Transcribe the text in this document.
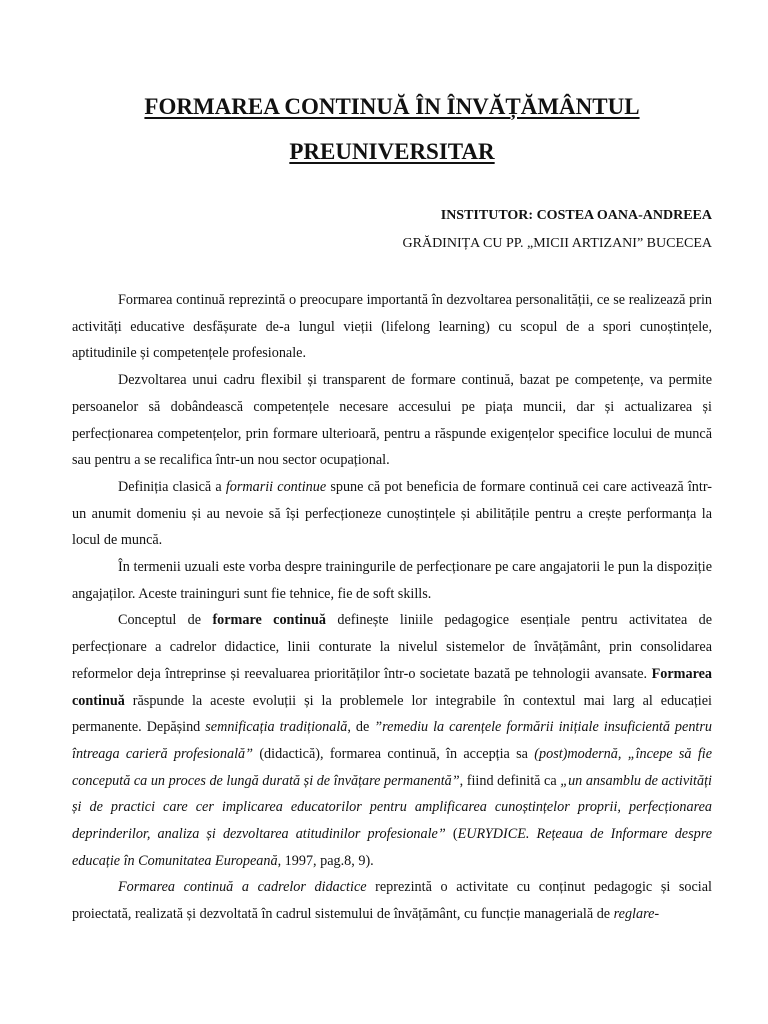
FORMAREA CONTINUĂ ÎN ÎNVĂȚĂMÂNTUL
PREUNIVERSITAR

INSTITUTOR: COSTEA OANA-ANDREEA

GRĂDINIȚA CU PP. „MICII ARTIZANI” BUCECEA

Formarea continuă reprezintă o preocupare importantă în dezvoltarea personalității, ce se realizează prin activități educative desfășurate de-a lungul vieții (lifelong learning) cu scopul de a spori cunoștințele, aptitudinile și competențele profesionale.

Dezvoltarea unui cadru flexibil și transparent de formare continuă, bazat pe competențe, va permite persoanelor să dobândească competențele necesare accesului pe piața muncii, dar și actualizarea și perfecționarea competențelor, prin formare ulterioară, pentru a răspunde exigențelor specifice locului de muncă sau pentru a se recalifica într-un nou sector ocupațional.

Definiția clasică a formarii continue spune că pot beneficia de formare continuă cei care activează într-un anumit domeniu și au nevoie să își perfecționeze cunoștințele și abilitățile pentru a crește performanța la locul de muncă.

În termenii uzuali este vorba despre trainingurile de perfecționare pe care angajatorii le pun la dispoziție angajaților. Aceste traininguri sunt fie tehnice, fie de soft skills.

Conceptul de formare continuă definește liniile pedagogice esențiale pentru activitatea de perfecționare a cadrelor didactice, linii conturate la nivelul sistemelor de învățământ, prin consolidarea reformelor deja întreprinse și reevaluarea priorităților într-o societate bazată pe tehnologii avansate. Formarea continuă răspunde la aceste evoluții și la problemele lor integrabile în contextul mai larg al educației permanente. Depășind semnificația tradițională, de ”remediu la carențele formării inițiale insuficientă pentru întreaga carieră profesională” (didactică), formarea continuă, în accepția sa (post)modernă, „începe să fie concepută ca un proces de lungă durată și de învățare permanentă”, fiind definită ca „un ansamblu de activități și de practici care cer implicarea educatorilor pentru amplificarea cunoștințelor proprii, perfecționarea deprinderilor, analiza și dezvoltarea atitudinilor profesionale” (EURYDICE. Rețeaua de Informare despre educație în Comunitatea Europeană, 1997, pag.8, 9).

Formarea continuă a cadrelor didactice reprezintă o activitate cu conținut pedagogic și social proiectată, realizată și dezvoltată în cadrul sistemului de învățământ, cu funcție managerială de reglare-
